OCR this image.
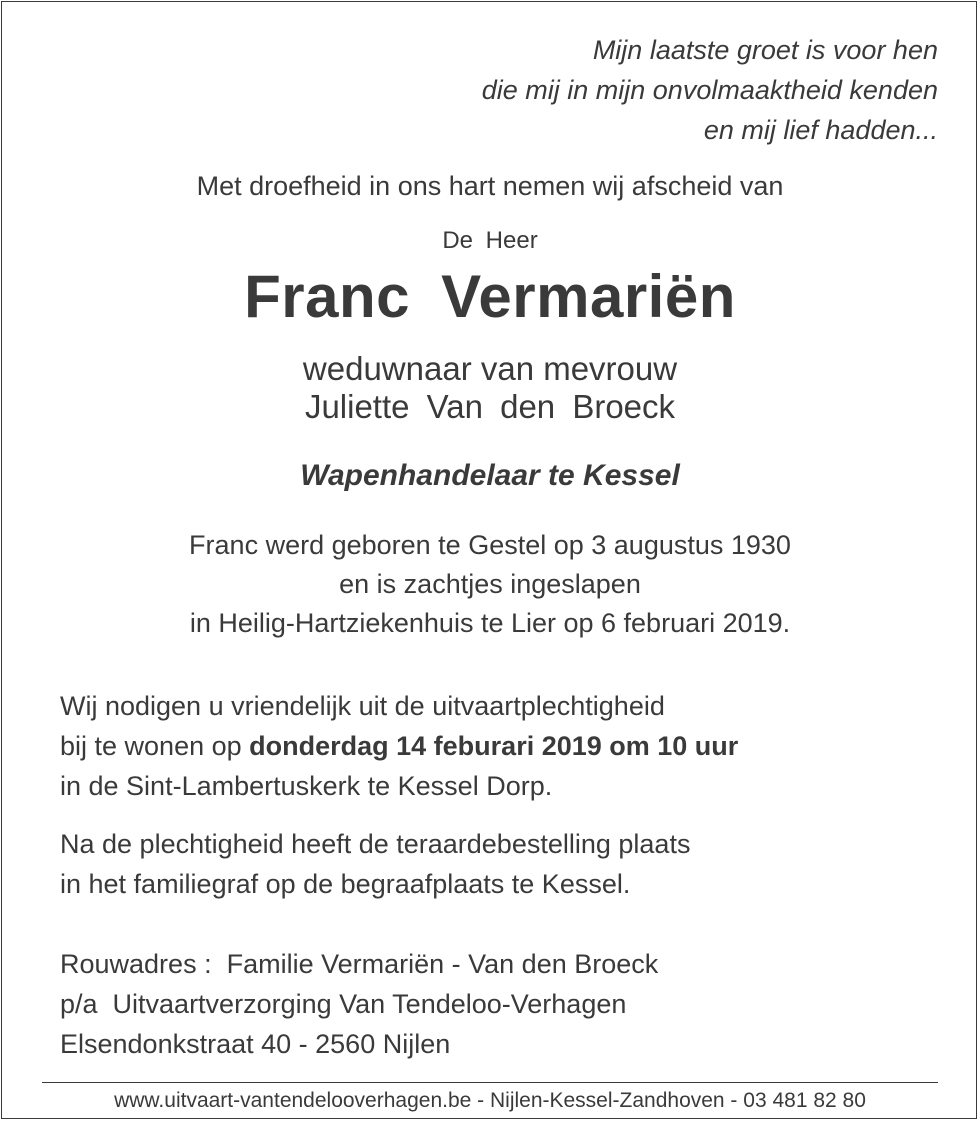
Mijn laatste groet is voor hen
die mij in mijn onvolmaaktheid kenden
en mij lief hadden...
Met droefheid in ons hart nemen wij afscheid van
De Heer
Franc Vermariën
weduwnaar van mevrouw
Juliette Van den Broeck
Wapenhandelaar te Kessel
Franc werd geboren te Gestel op 3 augustus 1930
en is zachtjes ingeslapen
in Heilig-Hartziekenhuis te Lier op 6 februari 2019.
Wij nodigen u vriendelijk uit de uitvaartplechtigheid
bij te wonen op donderdag 14 feburari 2019 om 10 uur
in de Sint-Lambertuskerk te Kessel Dorp.
Na de plechtigheid heeft de teraardebestelling plaats
in het familiegraf op de begraafplaats te Kessel.
Rouwadres :  Familie Vermariën - Van den Broeck
p/a  Uitvaartverzorging Van Tendeloo-Verhagen
Elsendonkstraat 40 - 2560 Nijlen
www.uitvaart-vantendelooverhagen.be - Nijlen-Kessel-Zandhoven - 03 481 82 80
